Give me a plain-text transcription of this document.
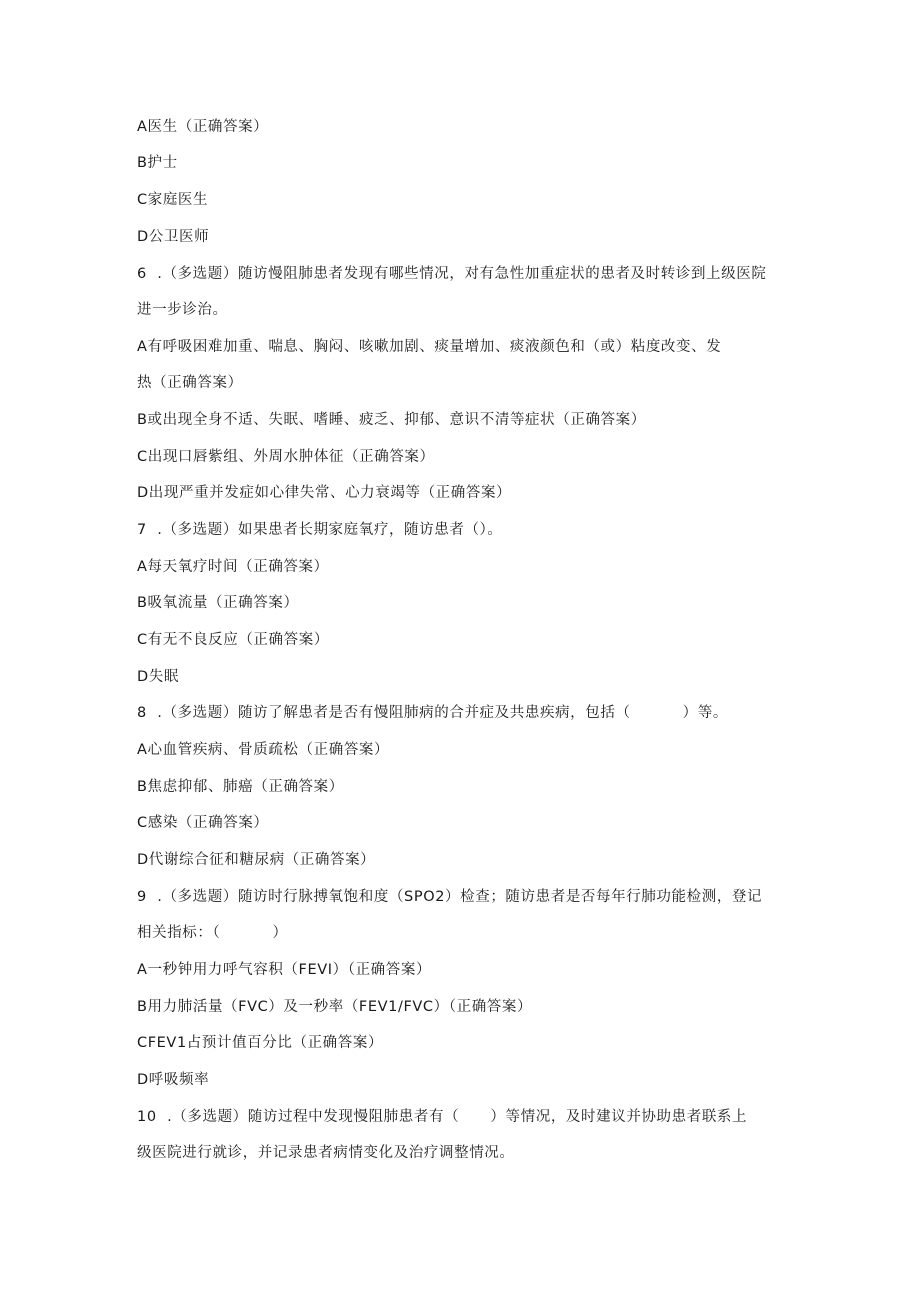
A医生（正确答案）
B护士
C家庭医生
D公卫医师
6  .（多选题）随访慢阻肺患者发现有哪些情况，对有急性加重症状的患者及时转诊到上级医院
进一步诊治。
A有呼吸困难加重、喘息、胸闷、咳嗽加剧、痰量增加、痰液颜色和（或）粘度改变、发
热（正确答案）
B或出现全身不适、失眠、嗜睡、疲乏、抑郁、意识不清等症状（正确答案）
C出现口唇紫组、外周水肿体征（正确答案）
D出现严重并发症如心律失常、心力衰竭等（正确答案）
7  .（多选题）如果患者长期家庭氧疗，随访患者（）。
A每天氧疗时间（正确答案）
B吸氧流量（正确答案）
C有无不良反应（正确答案）
D失眠
8  .（多选题）随访了解患者是否有慢阻肺病的合并症及共患疾病，包括（          ）等。
A心血管疾病、骨质疏松（正确答案）
B焦虑抑郁、肺癌（正确答案）
C感染（正确答案）
D代谢综合征和糖尿病（正确答案）
9  .（多选题）随访时行脉搏氧饱和度（SPO2）检查；随访患者是否每年行肺功能检测，登记
相关指标：（          ）
A一秒钟用力呼气容积（FEVI）（正确答案）
B用力肺活量（FVC）及一秒率（FEV1/FVC）（正确答案）
CFEV1占预计值百分比（正确答案）
D呼吸频率
10  .（多选题）随访过程中发现慢阻肺患者有（      ）等情况，及时建议并协助患者联系上
级医院进行就诊，并记录患者病情变化及治疗调整情况。
